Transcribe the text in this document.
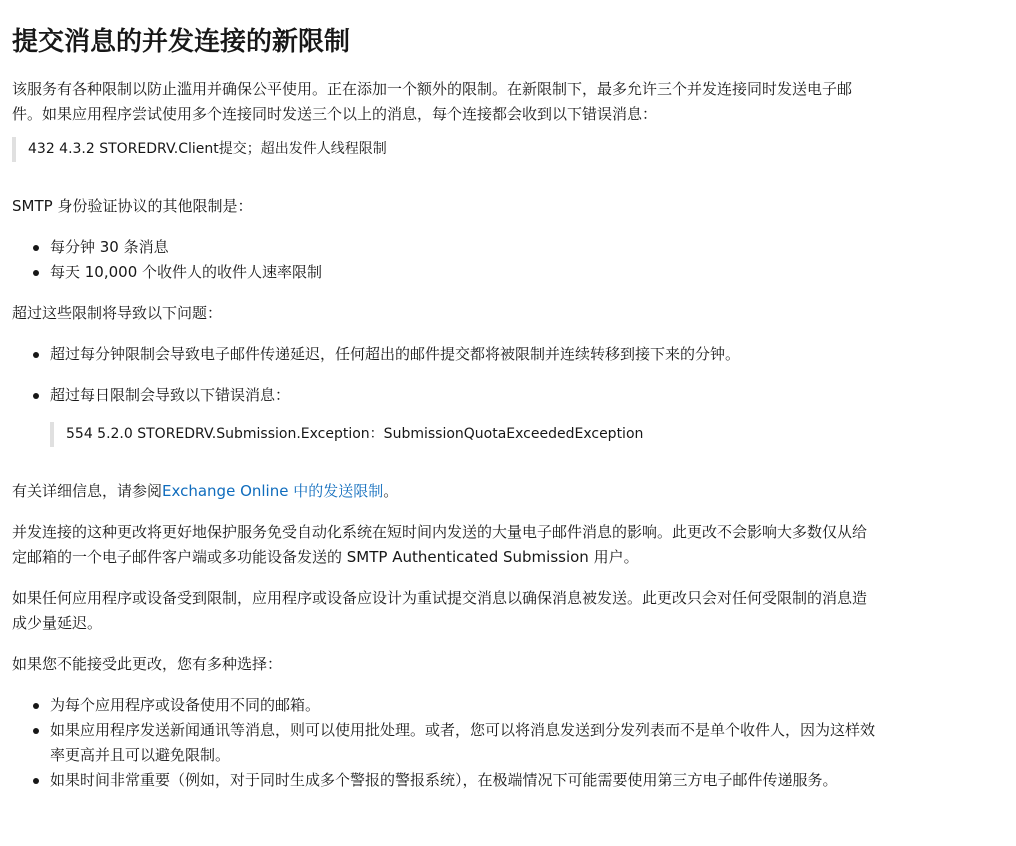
提交消息的并发连接的新限制

该服务有各种限制以防止滥用并确保公平使用。正在添加一个额外的限制。在新限制下，最多允许三个并发连接同时发送电子邮件。如果应用程序尝试使用多个连接同时发送三个以上的消息，每个连接都会收到以下错误消息：

432 4.3.2 STOREDRV.Client提交；超出发件人线程限制

SMTP 身份验证协议的其他限制是：

每分钟 30 条消息
每天 10,000 个收件人的收件人速率限制

超过这些限制将导致以下问题：

超过每分钟限制会导致电子邮件传递延迟，任何超出的邮件提交都将被限制并连续转移到接下来的分钟。
超过每日限制会导致以下错误消息：
554 5.2.0 STOREDRV.Submission.Exception：SubmissionQuotaExceededException

有关详细信息，请参阅Exchange Online 中的发送限制。

并发连接的这种更改将更好地保护服务免受自动化系统在短时间内发送的大量电子邮件消息的影响。此更改不会影响大多数仅从给定邮箱的一个电子邮件客户端或多功能设备发送的 SMTP Authenticated Submission 用户。

如果任何应用程序或设备受到限制，应用程序或设备应设计为重试提交消息以确保消息被发送。此更改只会对任何受限制的消息造成少量延迟。

如果您不能接受此更改，您有多种选择：

为每个应用程序或设备使用不同的邮箱。
如果应用程序发送新闻通讯等消息，则可以使用批处理。或者，您可以将消息发送到分发列表而不是单个收件人，因为这样效率更高并且可以避免限制。
如果时间非常重要（例如，对于同时生成多个警报的警报系统），在极端情况下可能需要使用第三方电子邮件传递服务。
